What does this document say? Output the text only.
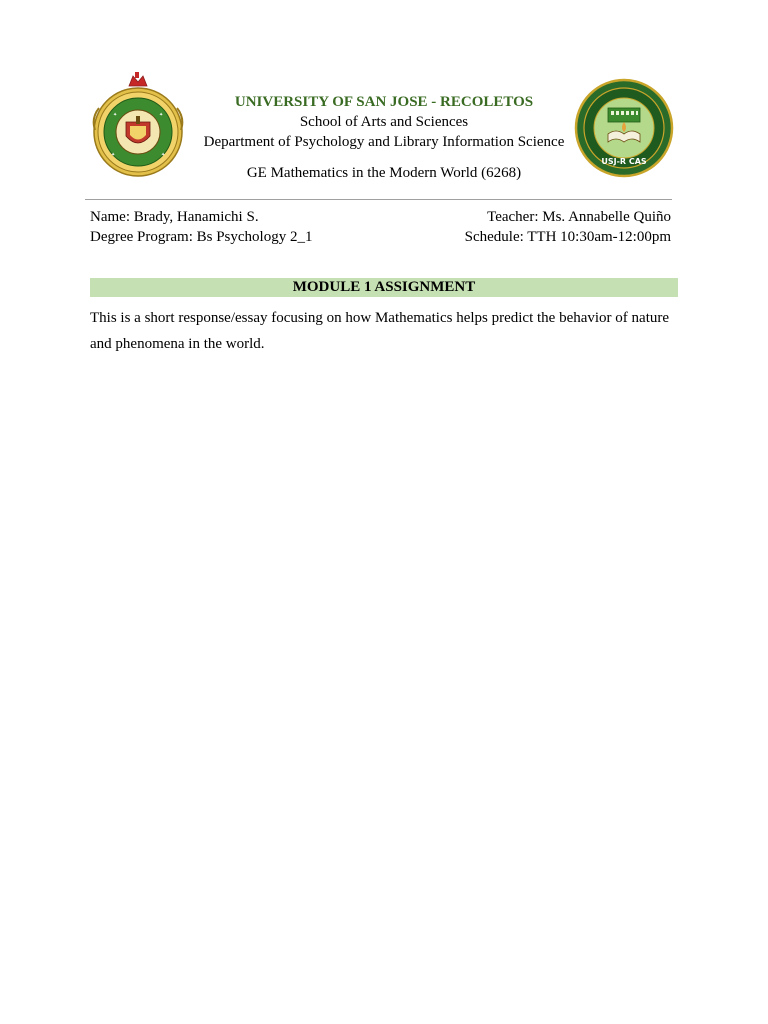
✦	✦
✦	✦
UNIVERSITY OF SAN JOSE - RECOLETOS
School of Arts and Sciences
Department of Psychology and Library Information Science
GE Mathematics in the Modern World (6268)
USJ-R CAS
Name: Brady, Hanamichi S.
Degree Program: Bs Psychology 2_1
Teacher: Ms. Annabelle Quiño
Schedule: TTH 10:30am-12:00pm
MODULE 1 ASSIGNMENT
This is a short response/essay focusing on how Mathematics helps predict the behavior of nature and phenomena in the world.
